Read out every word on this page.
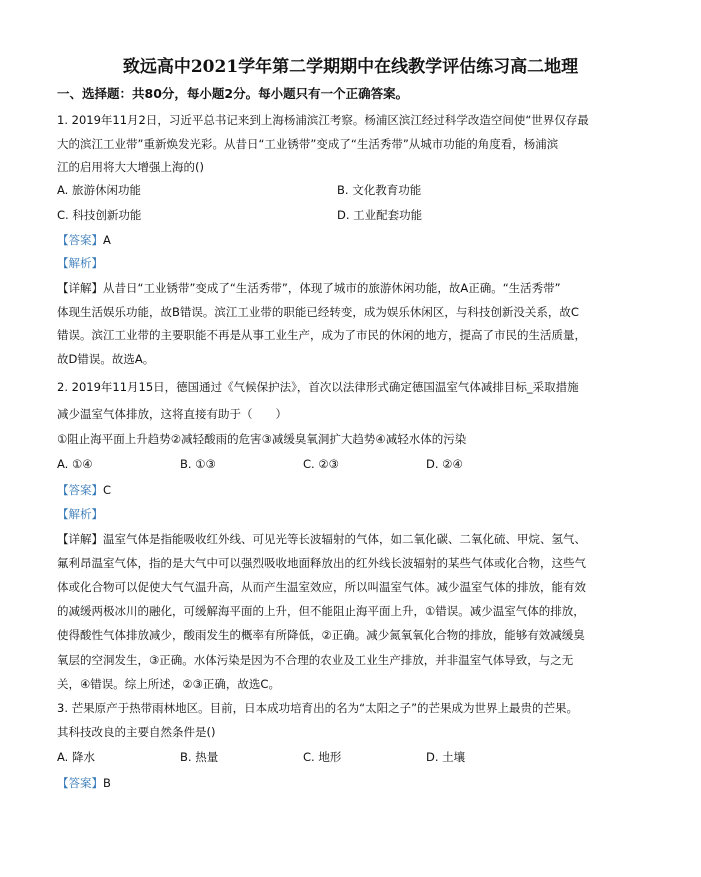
致远高中2021学年第二学期期中在线教学评估练习高二地理
一、选择题：共80分，每小题2分。每小题只有一个正确答案。
1. 2019年11月2日，习近平总书记来到上海杨浦滨江考察。杨浦区滨江经过科学改造空间使“世界仅存最
大的滨江工业带”重新焕发光彩。从昔日“工业锈带”变成了“生活秀带”从城市功能的角度看，杨浦滨
江的启用将大大增强上海的()
A. 旅游休闲功能	B. 文化教育功能
C. 科技创新功能	D. 工业配套功能
【答案】A
【解析】
【详解】从昔日“工业锈带”变成了“生活秀带”，体现了城市的旅游休闲功能，故A正确。“生活秀带”
体现生活娱乐功能，故B错误。滨江工业带的职能已经转变，成为娱乐休闲区，与科技创新没关系，故C
错误。滨江工业带的主要职能不再是从事工业生产，成为了市民的休闲的地方，提高了市民的生活质量，
故D错误。故选A。
2. 2019年11月15日，德国通过《气候保护法》，首次以法律形式确定德国温室气体减排目标_采取措施
减少温室气体排放，这将直接有助于（　　）
①阻止海平面上升趋势②减轻酸雨的危害③减缓臭氧洞扩大趋势④减轻水体的污染
A. ①④	B. ①③	C. ②③	D. ②④
【答案】C
【解析】
【详解】温室气体是指能吸收红外线、可见光等长波辐射的气体，如二氧化碳、二氧化硫、甲烷、氢气、
氟利昂温室气体，指的是大气中可以强烈吸收地面释放出的红外线长波辐射的某些气体或化合物，这些气
体或化合物可以促使大气气温升高，从而产生温室效应，所以叫温室气体。减少温室气体的排放，能有效
的减缓两极冰川的融化，可缓解海平面的上升，但不能阻止海平面上升，①错误。减少温室气体的排放，
使得酸性气体排放减少，酸雨发生的概率有所降低，②正确。减少氮氧氧化合物的排放，能够有效减缓臭
氧层的空洞发生，③正确。水体污染是因为不合理的农业及工业生产排放，并非温室气体导致，与之无
关，④错误。综上所述，②③正确，故选C。
3. 芒果原产于热带雨林地区。目前，日本成功培育出的名为“太阳之子”的芒果成为世界上最贵的芒果。
其科技改良的主要自然条件是()
A. 降水	B. 热量	C. 地形	D. 土壤
【答案】B
